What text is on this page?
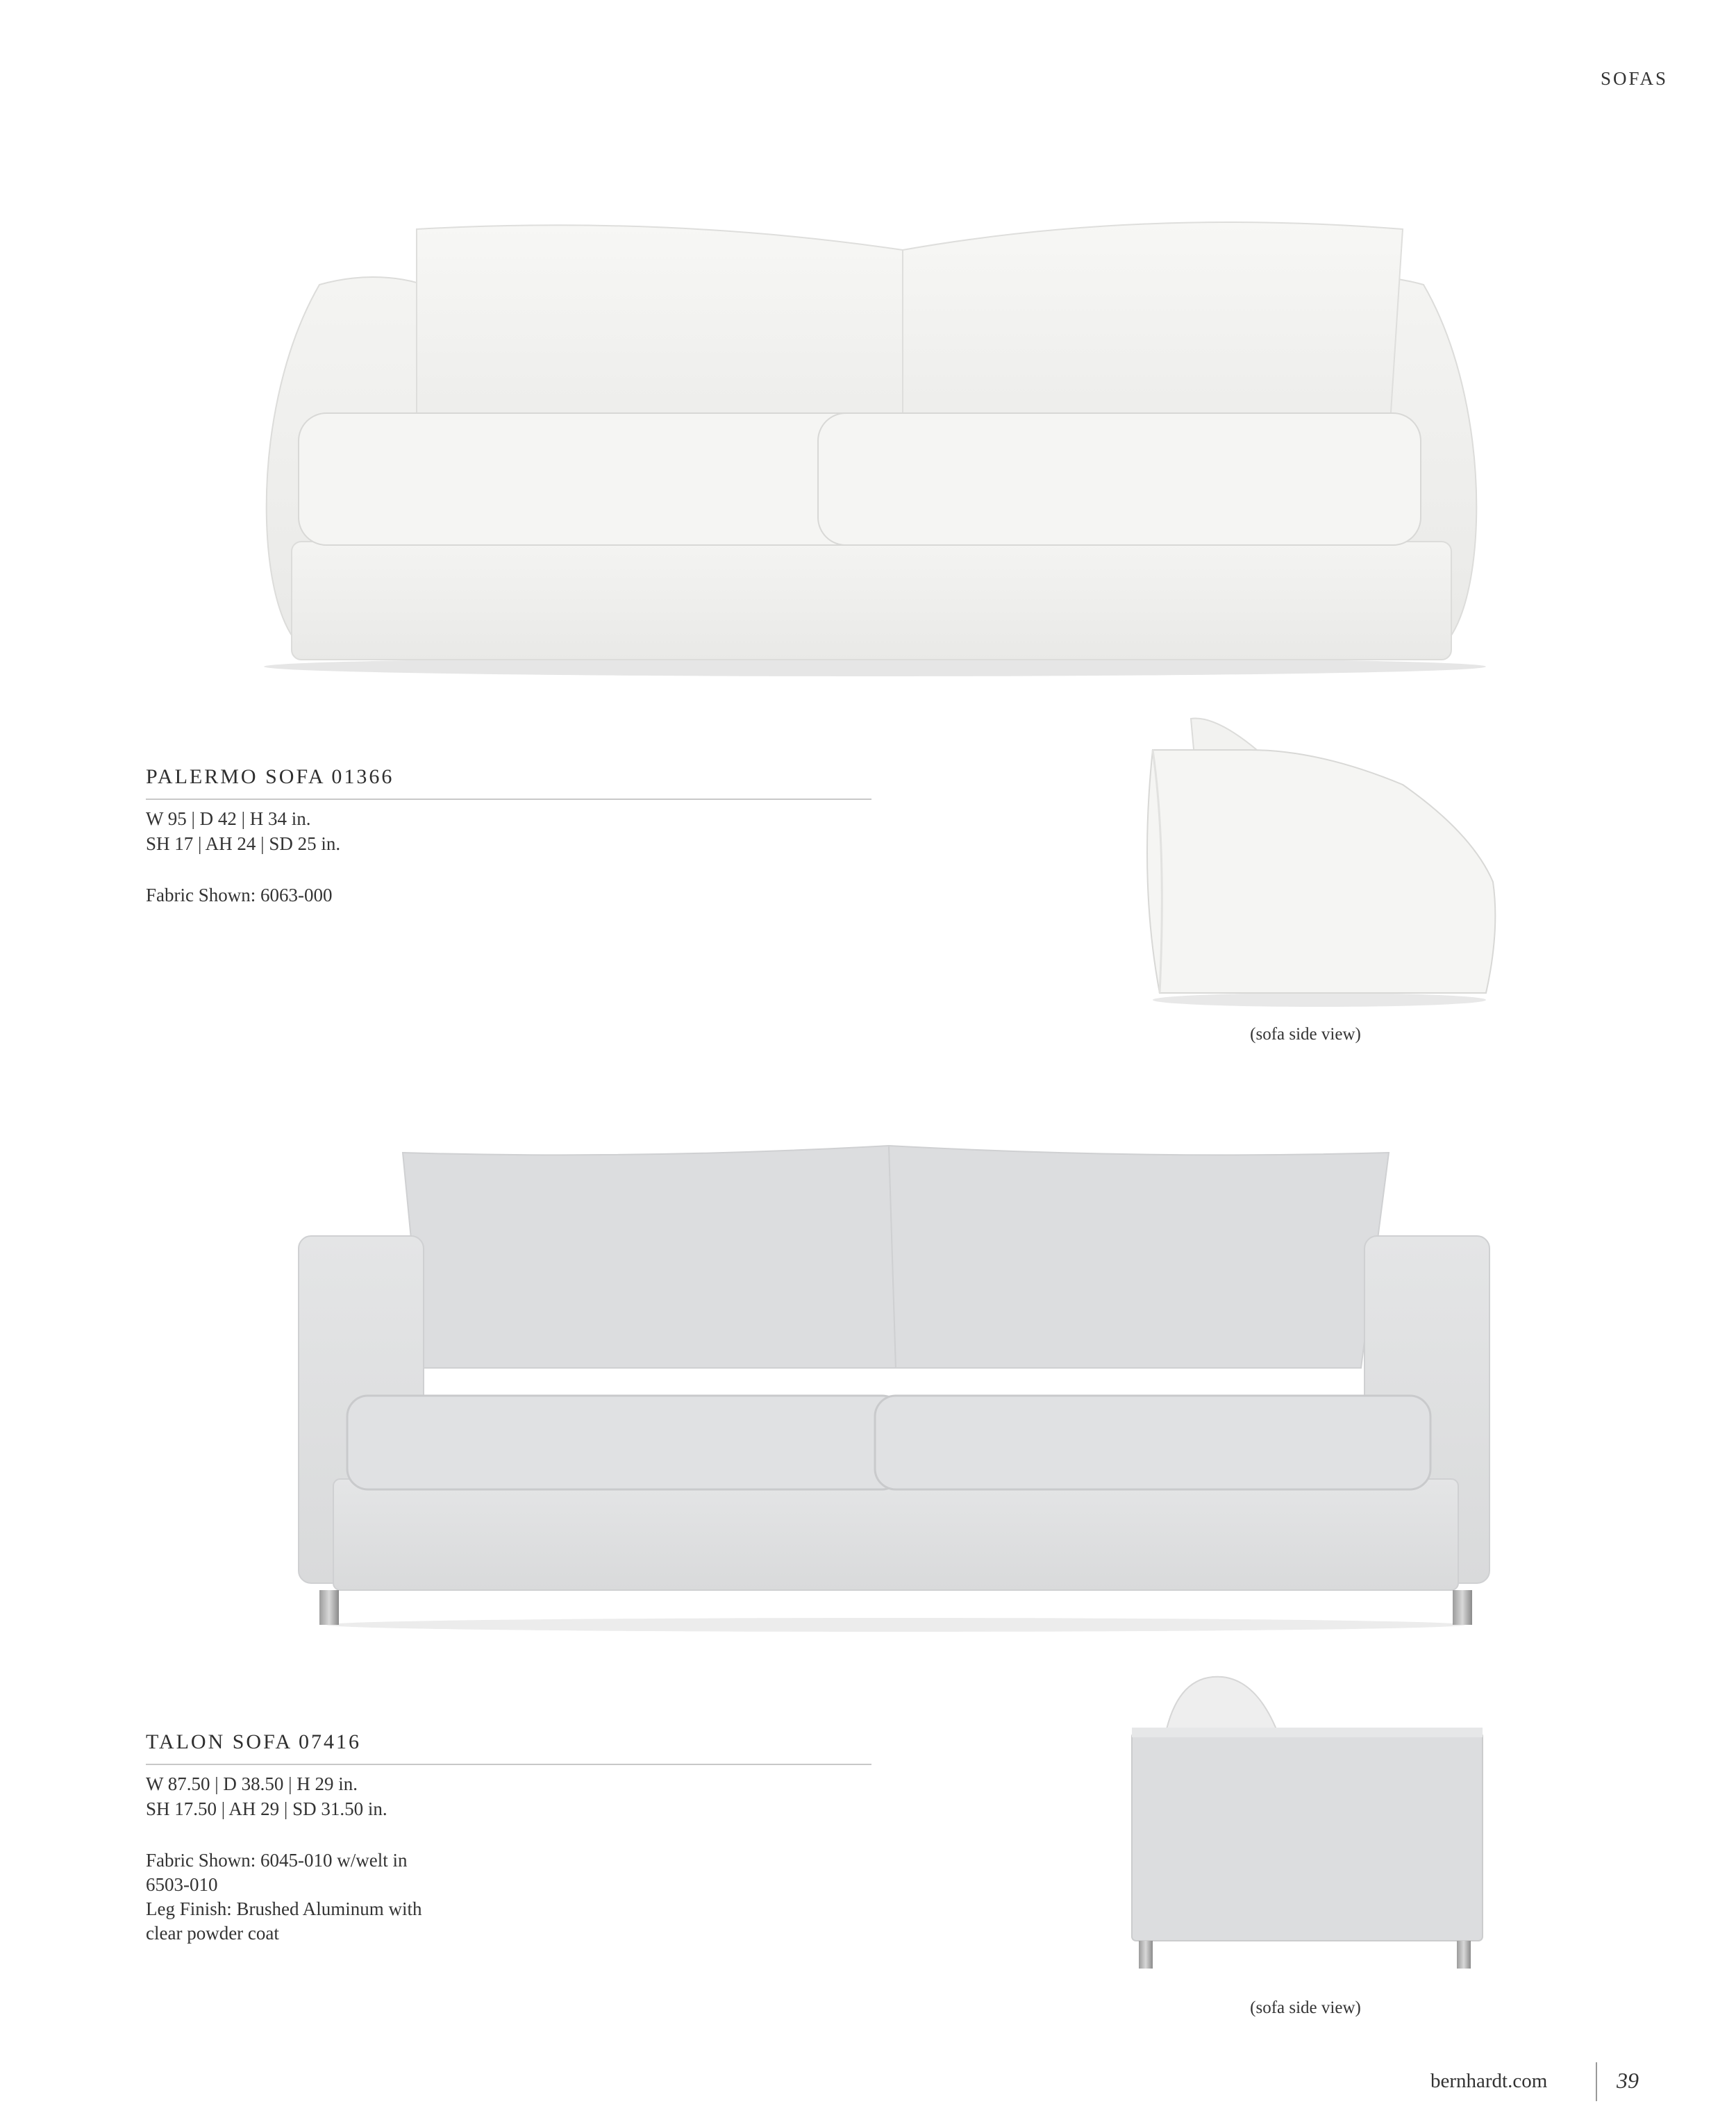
SOFAS
PALERMO SOFA 01366
W 95 | D 42 | H 34 in.
SH 17 | AH 24 | SD 25 in.
Fabric Shown: 6063-000
(sofa side view)
TALON SOFA 07416
W 87.50 | D 38.50 | H 29 in.
SH 17.50 | AH 29 | SD 31.50 in.
Fabric Shown: 6045-010 w/welt in
6503-010
Leg Finish: Brushed Aluminum with
clear powder coat
(sofa side view)
bernhardt.com	39
